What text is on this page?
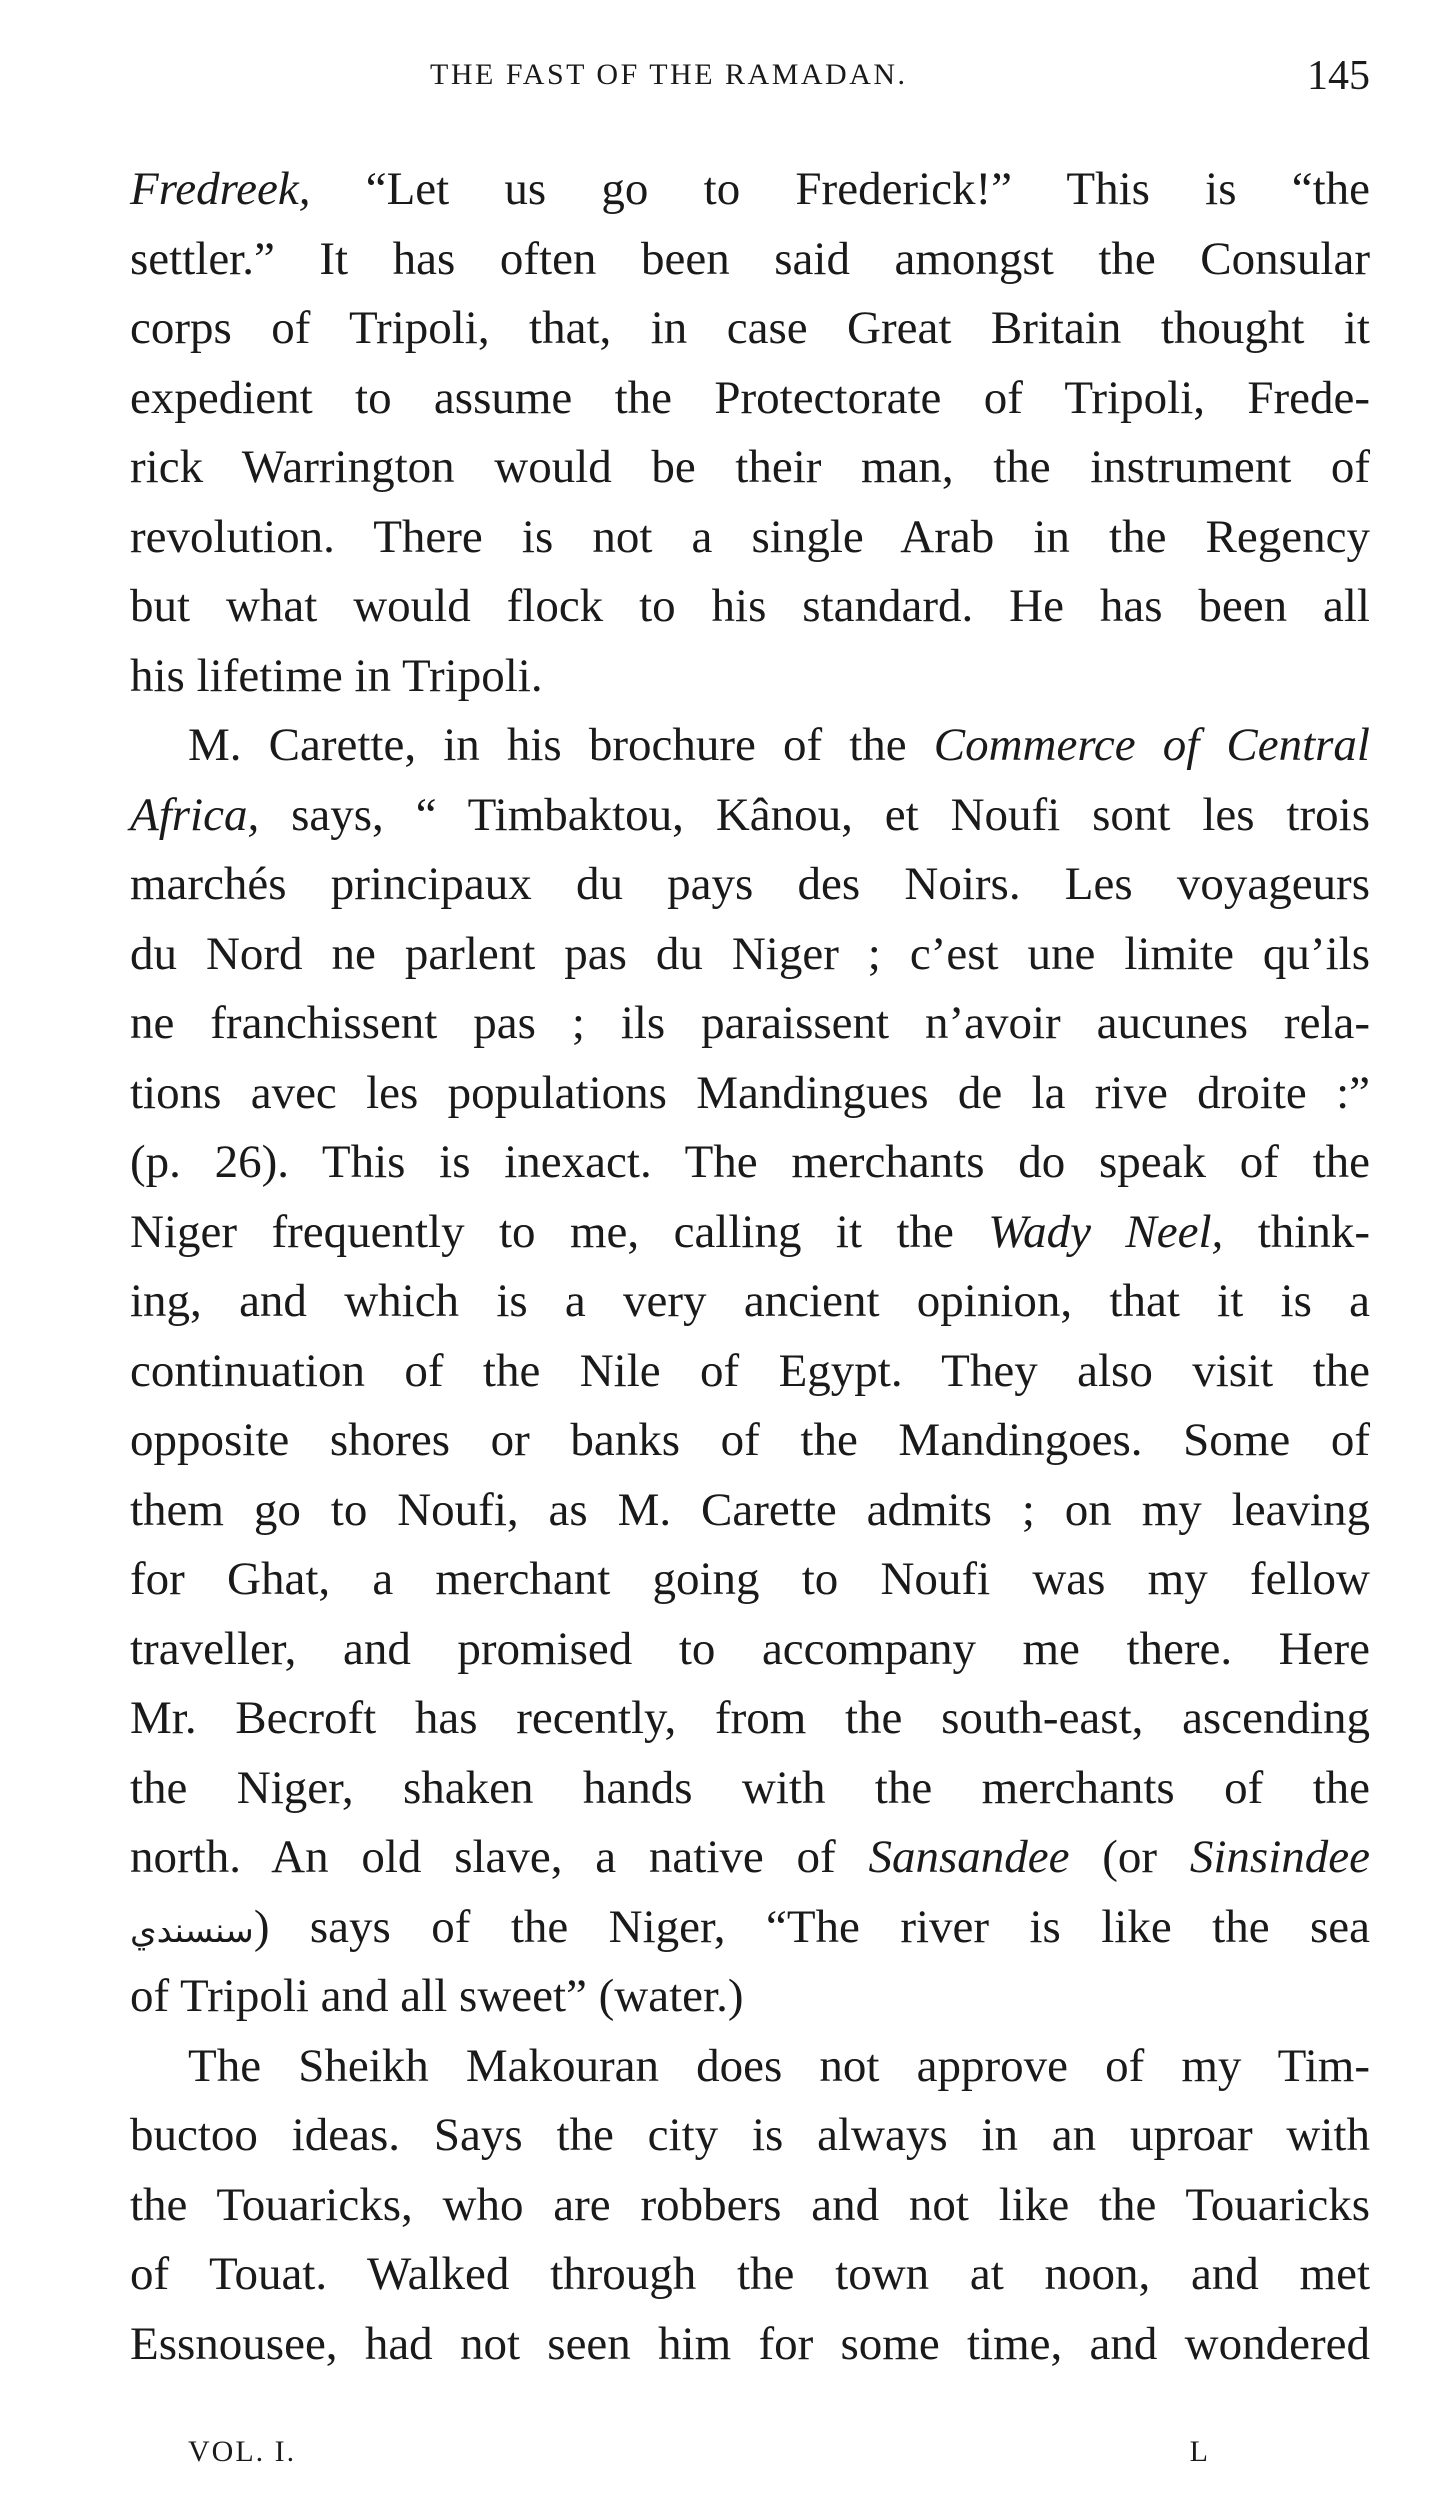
THE FAST OF THE RAMADAN.	145
Fredreek, “Let us go to Frederick!” This is “the
settler.” It has often been said amongst the Consular
corps of Tripoli, that, in case Great Britain thought it
expedient to assume the Protectorate of Tripoli, Frede-
rick Warrington would be their man, the instrument of
revolution. There is not a single Arab in the Regency
but what would flock to his standard. He has been all
his lifetime in Tripoli.
M. Carette, in his brochure of the Commerce of Central
Africa, says, “ Timbaktou, Kânou, et Noufi sont les trois
marchés principaux du pays des Noirs. Les voyageurs
du Nord ne parlent pas du Niger ; c’est une limite qu’ils
ne franchissent pas ; ils paraissent n’avoir aucunes rela-
tions avec les populations Mandingues de la rive droite :”
(p. 26). This is inexact. The merchants do speak of the
Niger frequently to me, calling it the Wady Neel, think-
ing, and which is a very ancient opinion, that it is a
continuation of the Nile of Egypt. They also visit the
opposite shores or banks of the Mandingoes. Some of
them go to Noufi, as M. Carette admits ; on my leaving
for Ghat, a merchant going to Noufi was my fellow
traveller, and promised to accompany me there. Here
Mr. Becroft has recently, from the south-east, ascending
the Niger, shaken hands with the merchants of the
north. An old slave, a native of Sansandee (or Sinsindee
سنسندي) says of the Niger, “The river is like the sea
of Tripoli and all sweet” (water.)
The Sheikh Makouran does not approve of my Tim-
buctoo ideas. Says the city is always in an uproar with
the Touaricks, who are robbers and not like the Touaricks
of Touat. Walked through the town at noon, and met
Essnousee, had not seen him for some time, and wondered
VOL. I.	L
